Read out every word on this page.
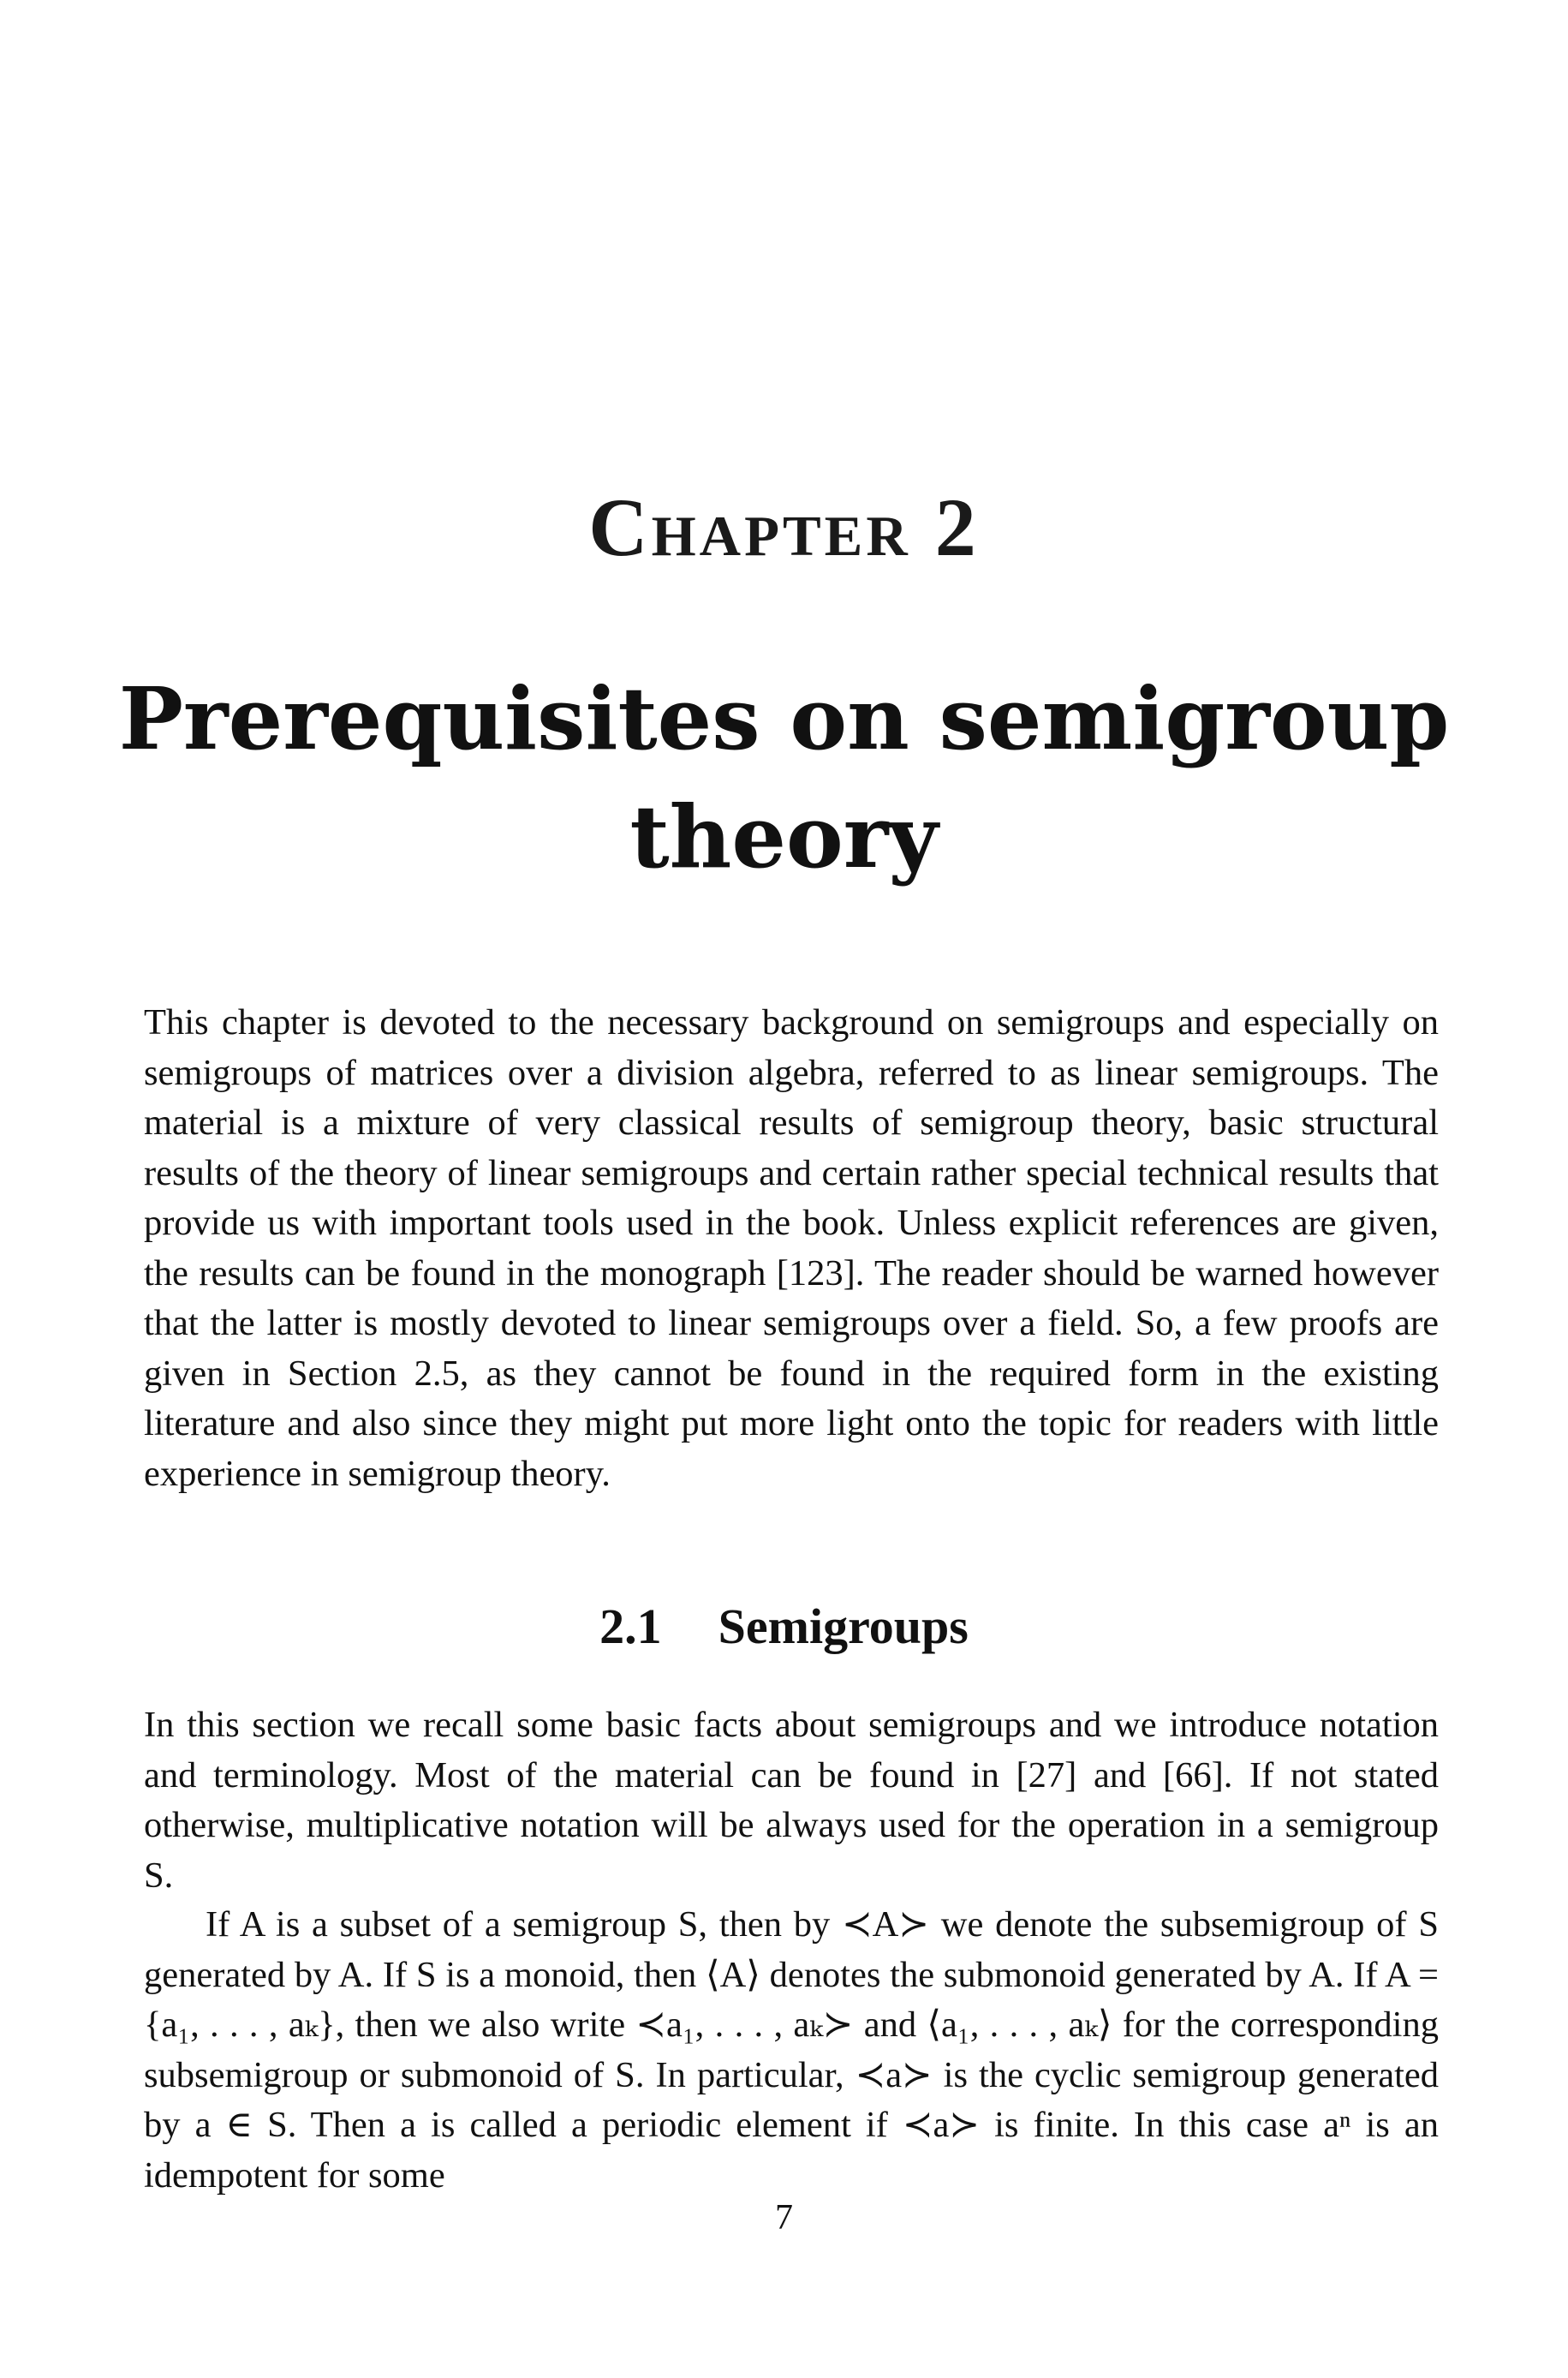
Chapter 2
Prerequisites on semigroup
theory

This chapter is devoted to the necessary background on semigroups and especially on semigroups of matrices over a division algebra, referred to as linear semigroups. The material is a mixture of very classical results of semigroup theory, basic structural results of the theory of linear semigroups and certain rather special technical results that provide us with important tools used in the book. Unless explicit references are given, the results can be found in the monograph [123]. The reader should be warned however that the latter is mostly devoted to linear semigroups over a field. So, a few proofs are given in Section 2.5, as they cannot be found in the required form in the existing literature and also since they might put more light onto the topic for readers with little experience in semigroup theory.

2.1 Semigroups

In this section we recall some basic facts about semigroups and we introduce notation and terminology. Most of the material can be found in [27] and [66]. If not stated otherwise, multiplicative notation will be always used for the operation in a semigroup S.

If A is a subset of a semigroup S, then by ≺A≻ we denote the subsemigroup of S generated by A. If S is a monoid, then ⟨A⟩ denotes the submonoid generated by A. If A = {a₁, . . . , aₖ}, then we also write ≺a₁, . . . , aₖ≻ and ⟨a₁, . . . , aₖ⟩ for the corresponding subsemigroup or submonoid of S. In particular, ≺a≻ is the cyclic semigroup generated by a ∈ S. Then a is called a periodic element if ≺a≻ is finite. In this case aⁿ is an idempotent for some

7
